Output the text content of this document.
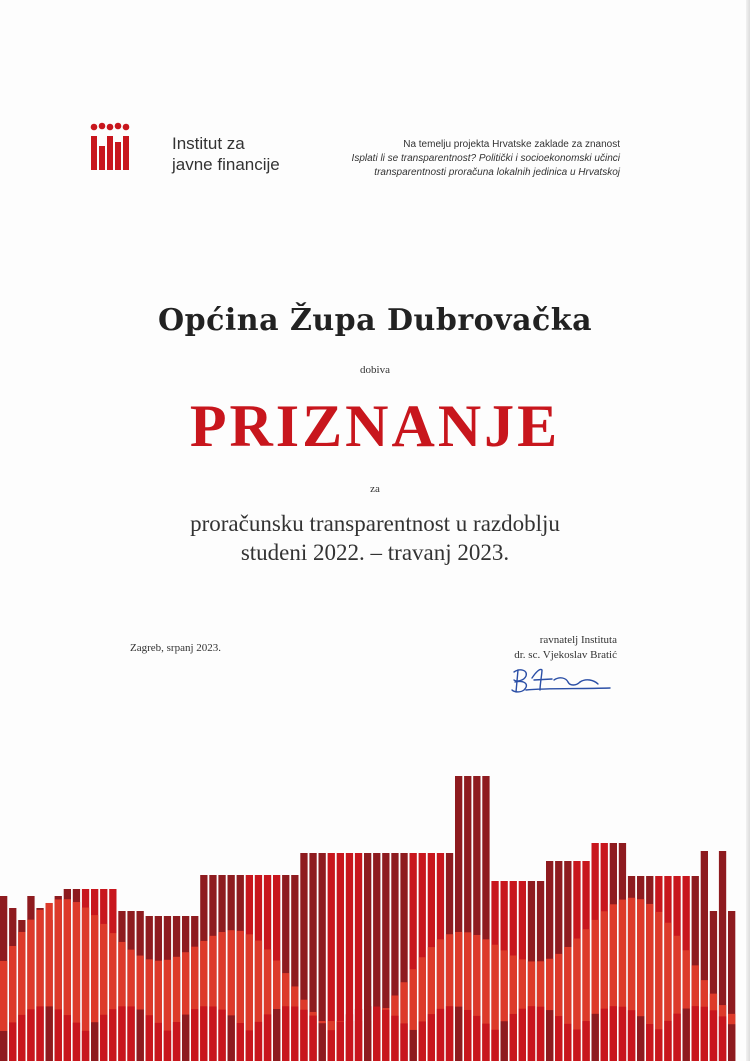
Institut za
javne financije
Na temelju projekta Hrvatske zaklade za znanost
Isplati li se transparentnost? Politički i socioekonomski učinci
transparentnosti proračuna lokalnih jedinica u Hrvatskoj
Općina Župa Dubrovačka
dobiva
PRIZNANJE
za
proračunsku transparentnost u razdoblju
studeni 2022. – travanj 2023.
Zagreb, srpanj 2023.
ravnatelj Instituta
dr. sc. Vjekoslav Bratić
